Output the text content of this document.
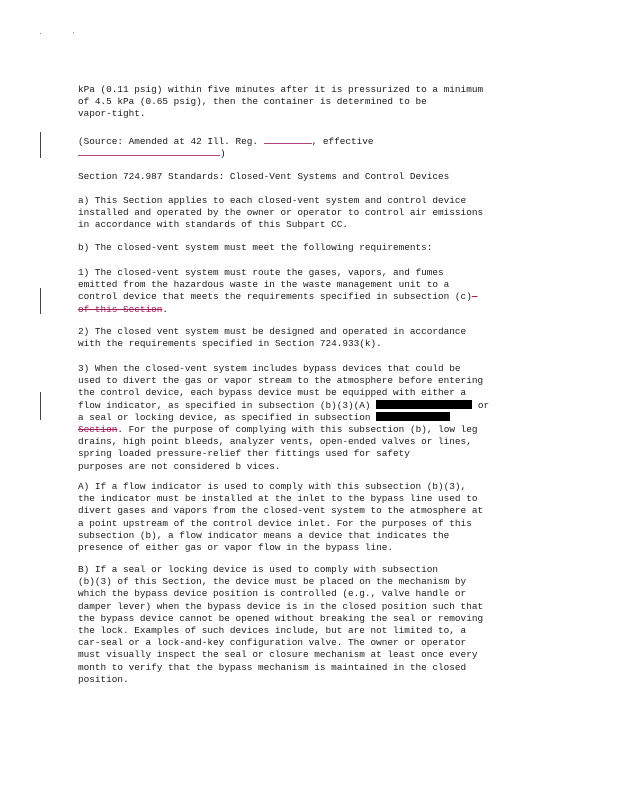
kPa (0.11 psig) within five minutes after it is pressurized to a minimum
of 4.5 kPa (0.65 psig), then the container is determined to be
vapor-tight.
(Source: Amended at 42 Ill. Reg.	, effective
)
Section 724.987 Standards: Closed-Vent Systems and Control Devices
a) This Section applies to each closed-vent system and control device
installed and operated by the owner or operator to control air emissions
in accordance with standards of this Subpart CC.
b) The closed-vent system must meet the following requirements:
1) The closed-vent system must route the gases, vapors, and fumes
emitted from the hazardous waste in the waste management unit to a
control device that meets the requirements specified in subsection (c)-
of this Section.
2) The closed vent system must be designed and operated in accordance
with the requirements specified in Section 724.933(k).
3) When the closed-vent system includes bypass devices that could be
used to divert the gas or vapor stream to the atmosphere before entering
the control device, each bypass device must be equipped with either a
flow indicator, as specified in subsection (b)(3)(A)	or
a seal or locking device, as specified in subsection
Section. For the purpose of complying with this subsection (b), low leg
drains, high point bleeds, analyzer vents, open-ended valves or lines,
spring loaded pressure-relief ther fittings used for safety
purposes are not considered b vices.
A) If a flow indicator is used to comply with this subsection (b)(3),
the indicator must be installed at the inlet to the bypass line used to
divert gases and vapors from the closed-vent system to the atmosphere at
a point upstream of the control device inlet. For the purposes of this
subsection (b), a flow indicator means a device that indicates the
presence of either gas or vapor flow in the bypass line.
B) If a seal or locking device is used to comply with subsection
(b)(3) of this Section, the device must be placed on the mechanism by
which the bypass device position is controlled (e.g., valve handle or
damper lever) when the bypass device is in the closed position such that
the bypass device cannot be opened without breaking the seal or removing
the lock. Examples of such devices include, but are not limited to, a
car-seal or a lock-and-key configuration valve. The owner or operator
must visually inspect the seal or closure mechanism at least once every
month to verify that the bypass mechanism is maintained in the closed
position.
